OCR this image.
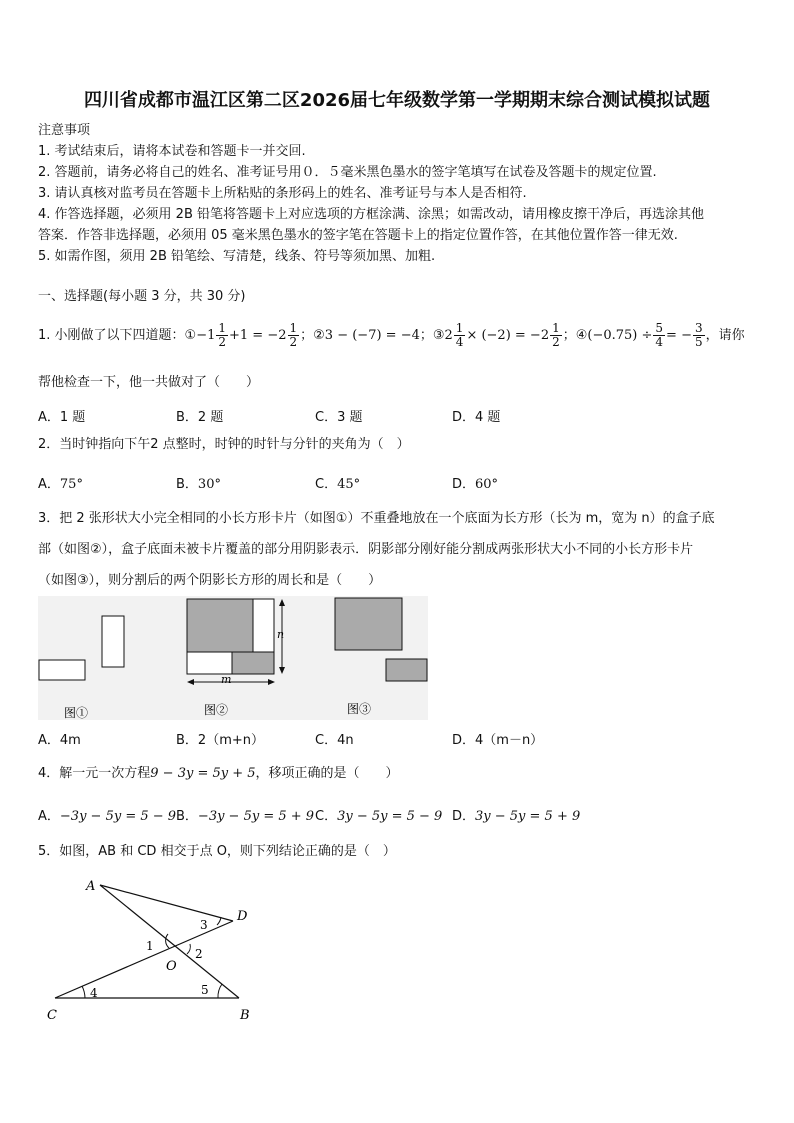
四川省成都市温江区第二区2026届七年级数学第一学期期末综合测试模拟试题
注意事项
1. 考试结束后，请将本试卷和答题卡一并交回.
2. 答题前，请务必将自己的姓名、准考证号用０．５毫米黑色墨水的签字笔填写在试卷及答题卡的规定位置.
3. 请认真核对监考员在答题卡上所粘贴的条形码上的姓名、准考证号与本人是否相符.
4. 作答选择题，必须用 2B 铅笔将答题卡上对应选项的方框涂满、涂黑；如需改动，请用橡皮擦干净后，再选涂其他
答案．作答非选择题，必须用 05 毫米黑色墨水的签字笔在答题卡上的指定位置作答，在其他位置作答一律无效.
5. 如需作图，须用 2B 铅笔绘、写清楚，线条、符号等须加黑、加粗.
一、选择题(每小题 3 分，共 30 分)
1. 小刚做了以下四道题：①−1 $\frac{1}{2} +1 = -2 \frac{1}{2}$ ；②3 − (−7) = −4；③2 $\frac{1}{4} \times (-2) = -2 \frac{1}{2}$ ；④(−0.75) ÷ $\frac{5}{4}$ = − $\frac{3}{5}$ ，请你
帮他检查一下，他一共做对了（　　）
A．1 题	B．2 题	C．3 题	D．4 题
2．当时钟指向下午2 点整时，时钟的时针与分针的夹角为（　）
A．75°	B．30°	C．45°	D．60°
3．把 2 张形状大小完全相同的小长方形卡片（如图①）不重叠地放在一个底面为长方形（长为 m，宽为 n）的盒子底
部（如图②），盒子底面未被卡片覆盖的部分用阴影表示．阴影部分刚好能分割成两张形状大小不同的小长方形卡片
（如图③），则分割后的两个阴影长方形的周长和是（　　）
图①
m
n
图②	图③
A．4m	B．2（m+n）	C．4n	D．4（m－n）
4．解一元一次方程9 − 3y = 5y + 5，移项正确的是（　　）
A．−3y − 5y = 5 − 9 B．−3y − 5y = 5 + 9 C．3y − 5y = 5 − 9 D．3y − 5y = 5 + 9
5．如图，AB 和 CD 相交于点 O，则下列结论正确的是（　）
A
D
O
C	B
1
2
3
4	5
